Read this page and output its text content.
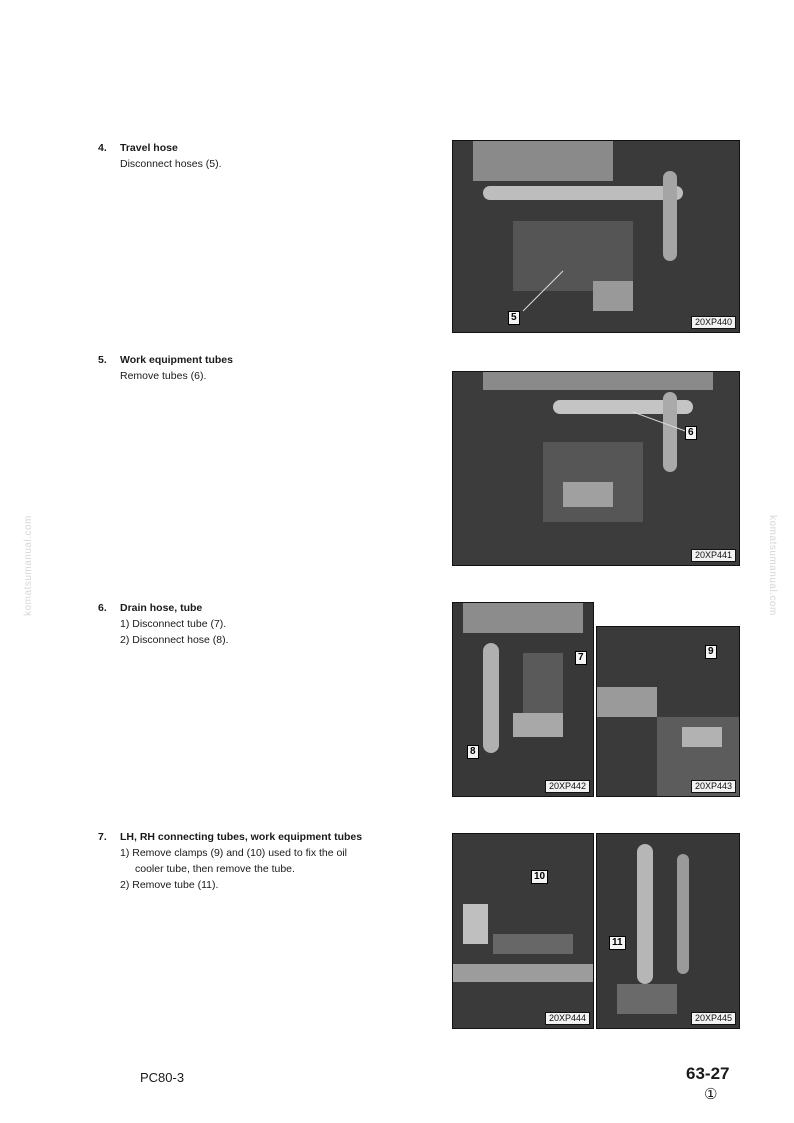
4. Travel hose
Disconnect hoses (5).
5. Work equipment tubes
Remove tubes (6).
6. Drain hose, tube
1) Disconnect tube (7).
2) Disconnect hose (8).
7. LH, RH connecting tubes, work equipment tubes
1) Remove clamps (9) and (10) used to fix the oil
cooler tube, then remove the tube.
2) Remove tube (11).
5	20XP440
6
20XP441
7
8
20XP442
9
20XP443
10
20XP444
11
20XP445
komatsumanual.com	komatsumanual.com
PC80-3	63-27
①
